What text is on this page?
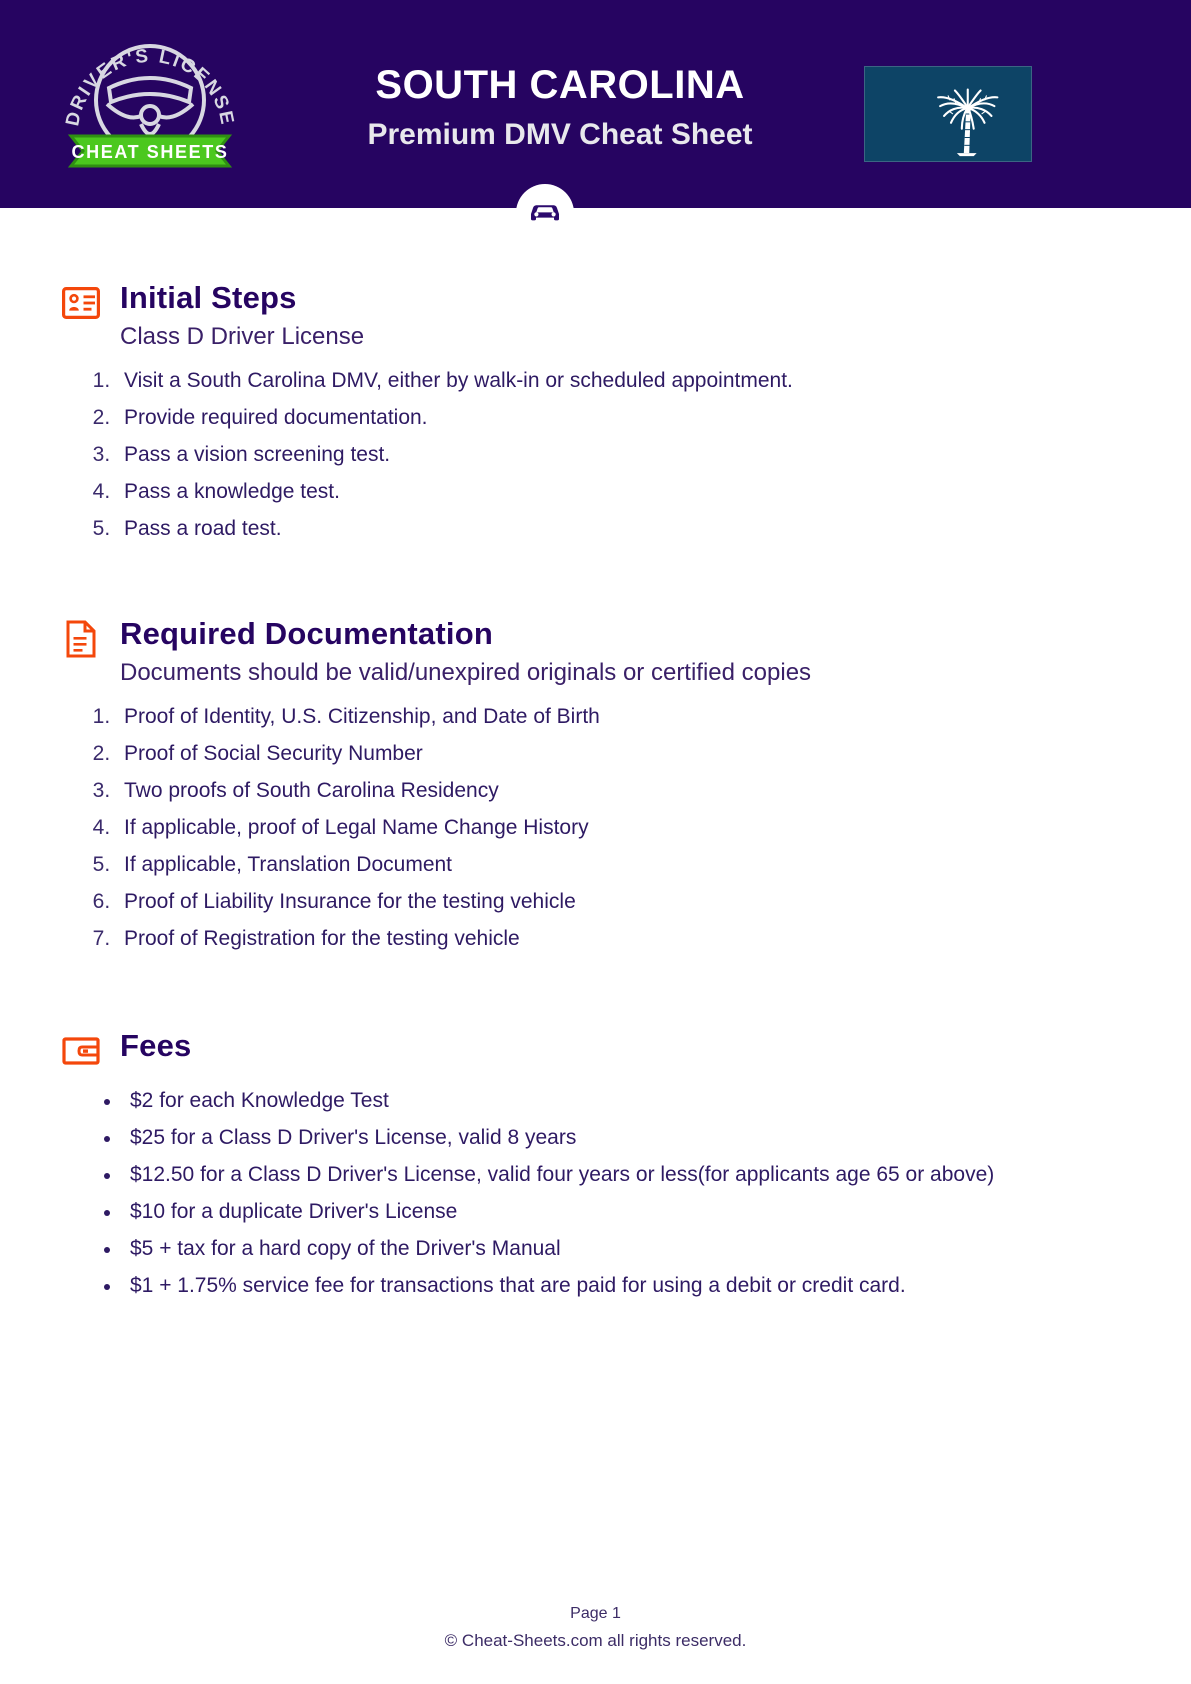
DRIVER'S LICENSE
CHEAT SHEETS
SOUTH CAROLINA
Premium DMV Cheat Sheet
Initial Steps
Class D Driver License
1. Visit a South Carolina DMV, either by walk-in or scheduled appointment.
2. Provide required documentation.
3. Pass a vision screening test.
4. Pass a knowledge test.
5. Pass a road test.
Required Documentation
Documents should be valid/unexpired originals or certified copies
1. Proof of Identity, U.S. Citizenship, and Date of Birth
2. Proof of Social Security Number
3. Two proofs of South Carolina Residency
4. If applicable, proof of Legal Name Change History
5. If applicable, Translation Document
6. Proof of Liability Insurance for the testing vehicle
7. Proof of Registration for the testing vehicle
Fees
• $2 for each Knowledge Test
• $25 for a Class D Driver's License, valid 8 years
• $12.50 for a Class D Driver's License, valid four years or less(for applicants age 65 or above)
• $10 for a duplicate Driver's License
• $5 + tax for a hard copy of the Driver's Manual
• $1 + 1.75% service fee for transactions that are paid for using a debit or credit card.
Page 1
© Cheat-Sheets.com all rights reserved.
